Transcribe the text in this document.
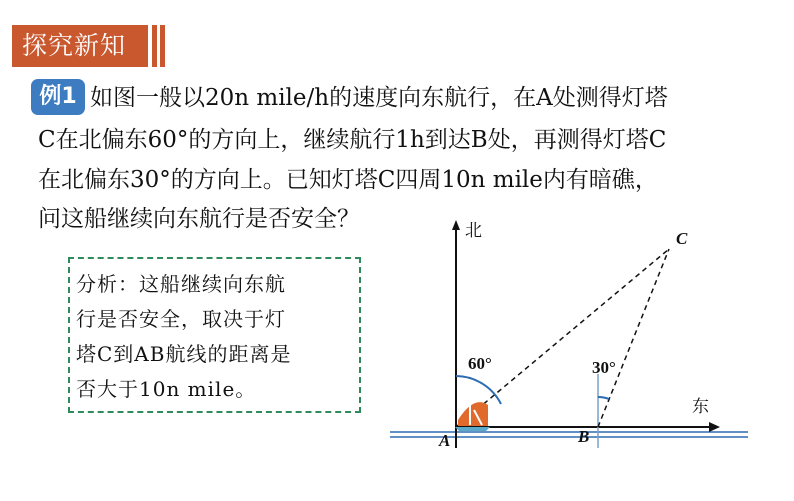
探究新知
例1 如图一般以20n mile/h的速度向东航行，在A处测得灯塔
C在北偏东60°的方向上，继续航行1h到达B处，再测得灯塔C
在北偏东30°的方向上。已知灯塔C四周10n mile内有暗礁，
问这船继续向东航行是否安全？
分析：这船继续向东航
行是否安全，取决于灯
塔C到AB航线的距离是
否大于10n mile。
北
东
A	B
C
60°	30°
